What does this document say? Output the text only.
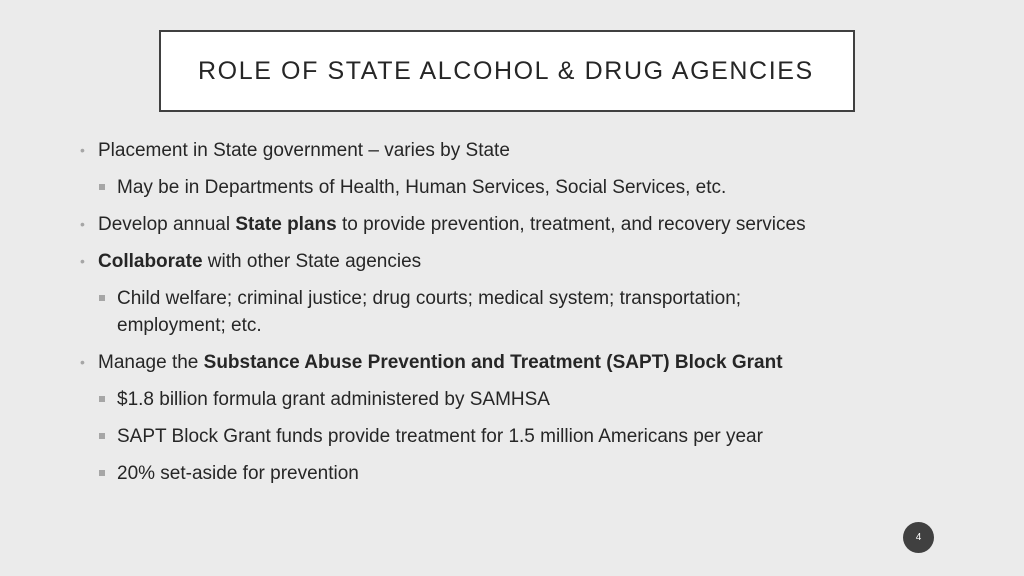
ROLE OF STATE ALCOHOL & DRUG AGENCIES
• Placement in State government – varies by State
May be in Departments of Health, Human Services, Social Services, etc.
• Develop annual State plans to provide prevention, treatment, and recovery services
• Collaborate with other State agencies
Child welfare; criminal justice; drug courts; medical system; transportation; employment; etc.
• Manage the Substance Abuse Prevention and Treatment (SAPT) Block Grant
$1.8 billion formula grant administered by SAMHSA
SAPT Block Grant funds provide treatment for 1.5 million Americans per year
20% set-aside for prevention
4
